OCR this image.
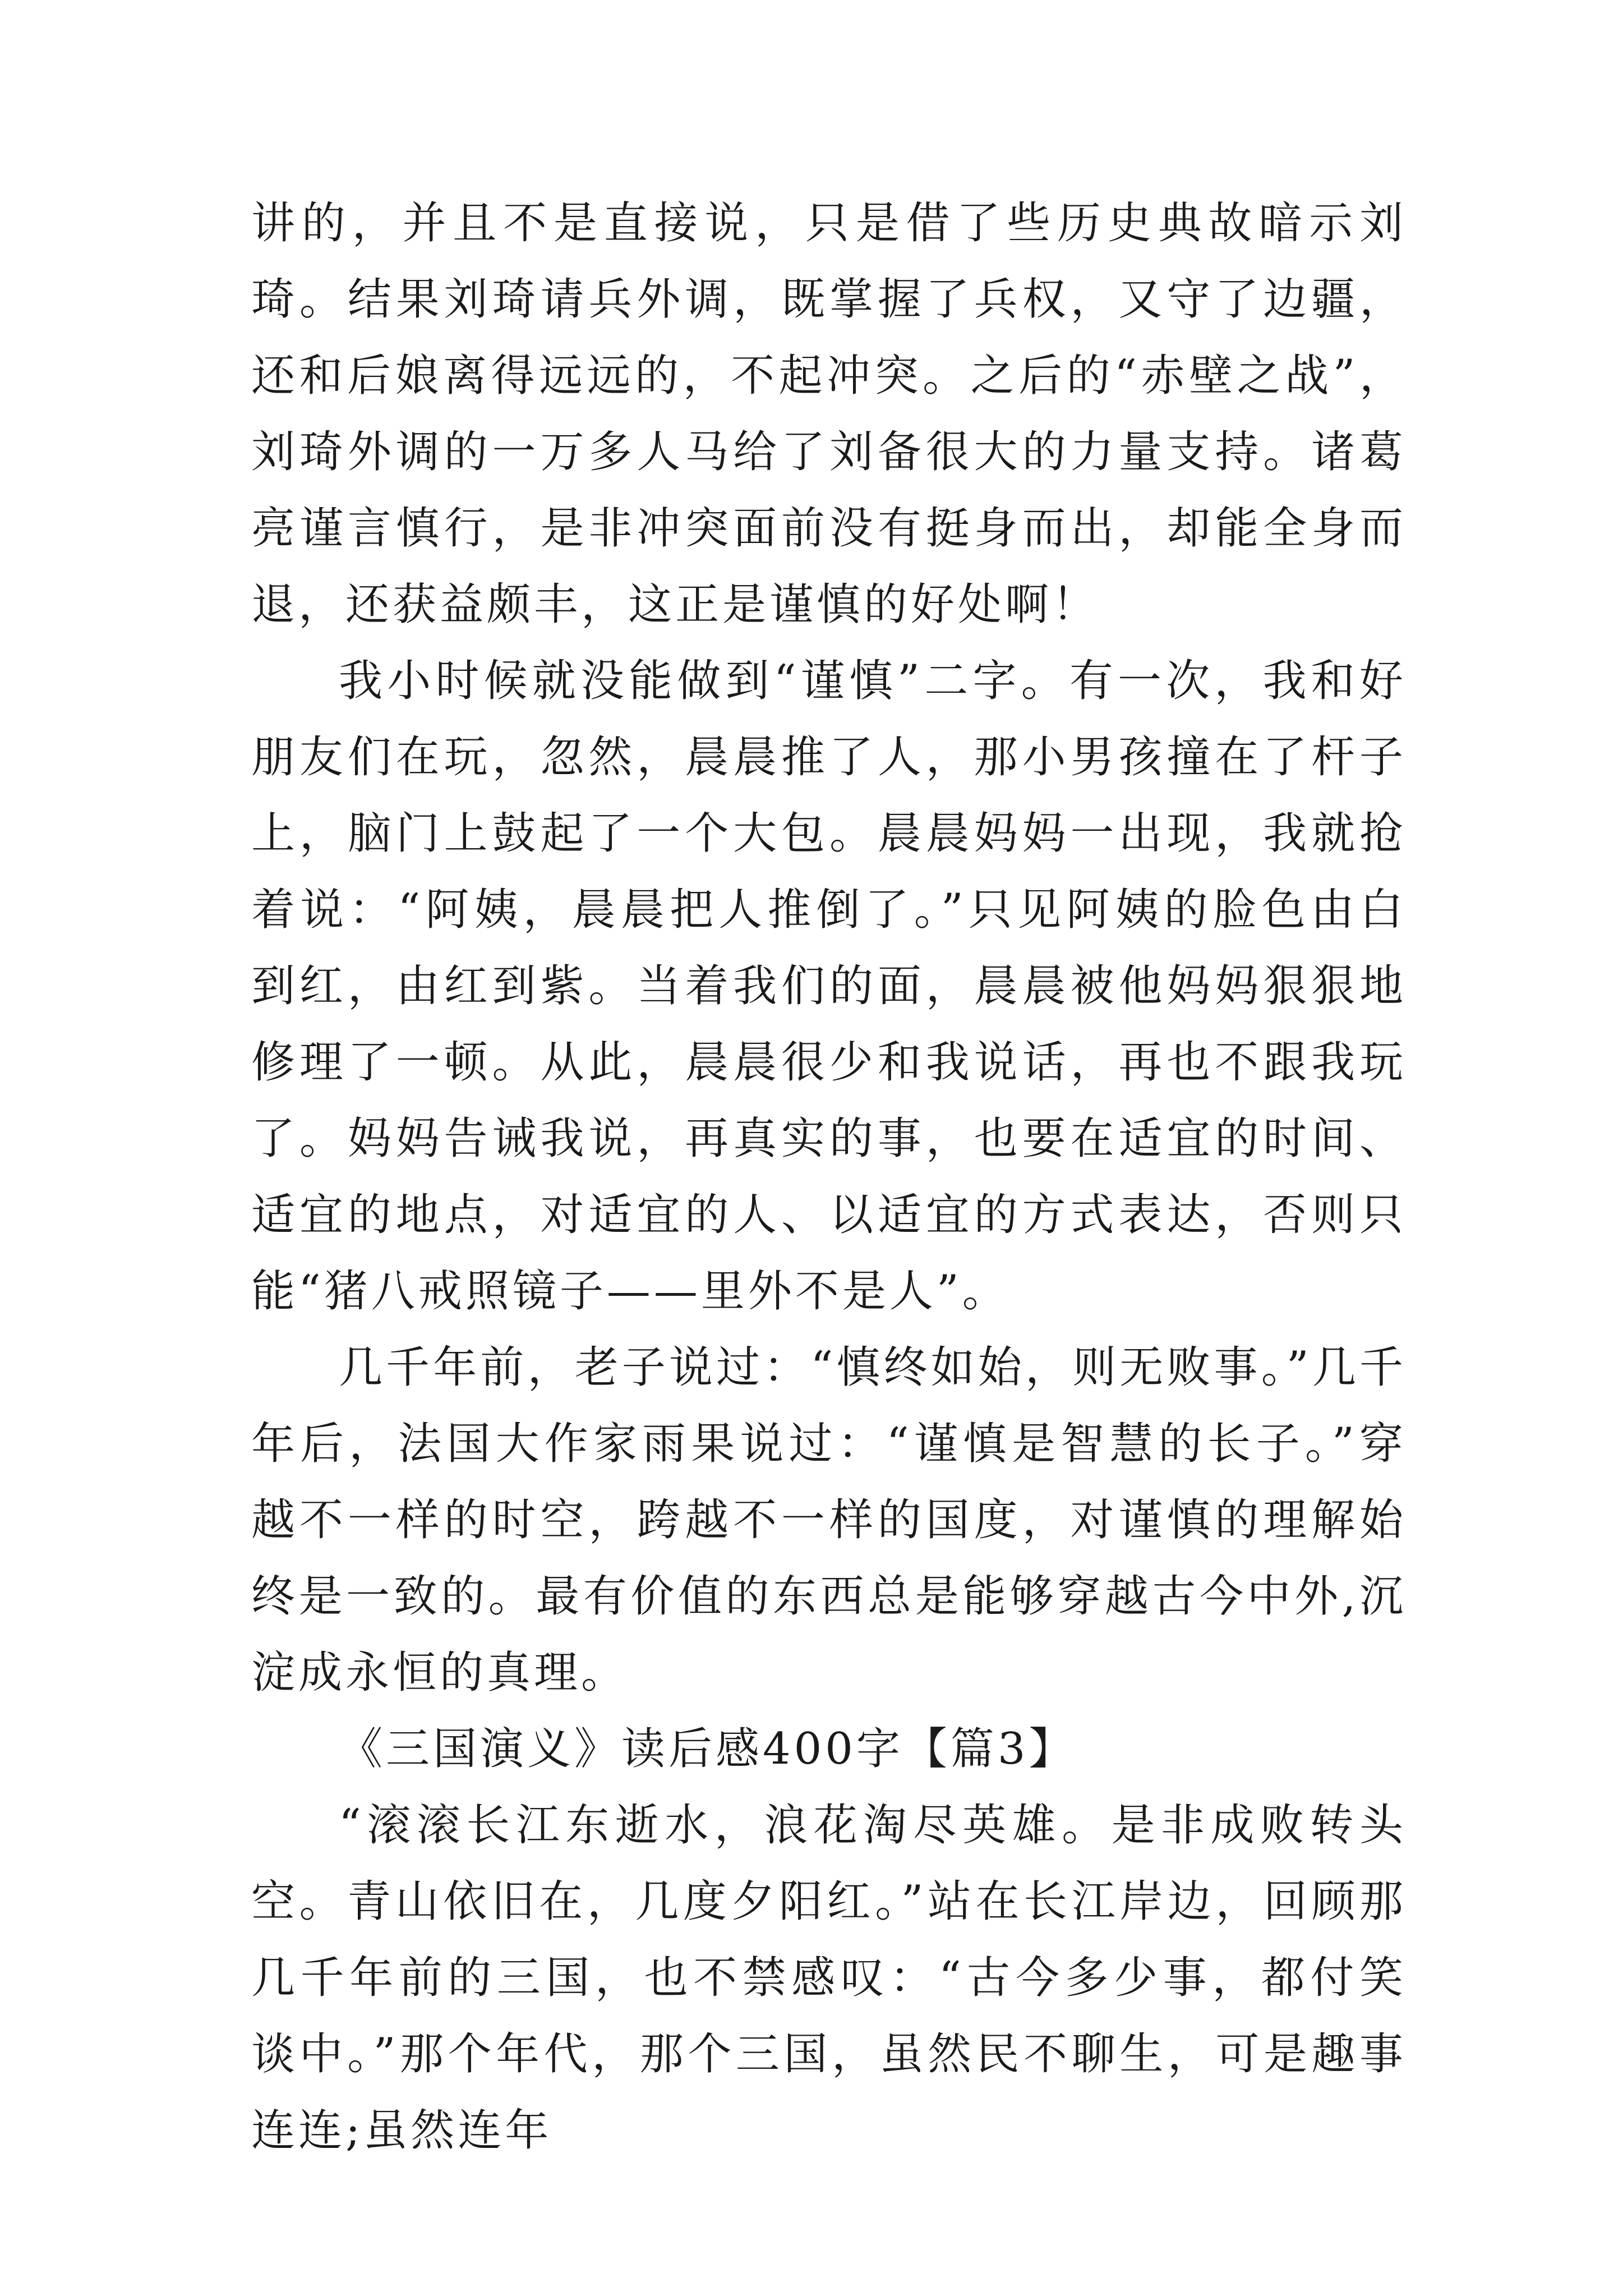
讲的，并且不是直接说，只是借了些历史典故暗示刘琦。结果刘琦请兵外调，既掌握了兵权，又守了边疆，还和后娘离得远远的，不起冲突。之后的“赤壁之战”，刘琦外调的一万多人马给了刘备很大的力量支持。诸葛亮谨言慎行，是非冲突面前没有挺身而出，却能全身而退，还获益颇丰，这正是谨慎的好处啊！

我小时候就没能做到“谨慎”二字。有一次，我和好朋友们在玩，忽然，晨晨推了人，那小男孩撞在了杆子上，脑门上鼓起了一个大包。晨晨妈妈一出现，我就抢着说：“阿姨，晨晨把人推倒了。”只见阿姨的脸色由白到红，由红到紫。当着我们的面，晨晨被他妈妈狠狠地修理了一顿。从此，晨晨很少和我说话，再也不跟我玩了。妈妈告诫我说，再真实的事，也要在适宜的时间、适宜的地点，对适宜的人、以适宜的方式表达，否则只能“猪八戒照镜子——里外不是人”。

几千年前，老子说过：“慎终如始，则无败事。”几千年后，法国大作家雨果说过：“谨慎是智慧的长子。”穿越不一样的时空，跨越不一样的国度，对谨慎的理解始终是一致的。最有价值的东西总是能够穿越古今中外,沉淀成永恒的真理。

《三国演义》读后感400字【篇3】

“滚滚长江东逝水，浪花淘尽英雄。是非成败转头空。青山依旧在，几度夕阳红。”站在长江岸边，回顾那几千年前的三国，也不禁感叹：“古今多少事，都付笑谈中。”那个年代，那个三国，虽然民不聊生，可是趣事连连;虽然连年
